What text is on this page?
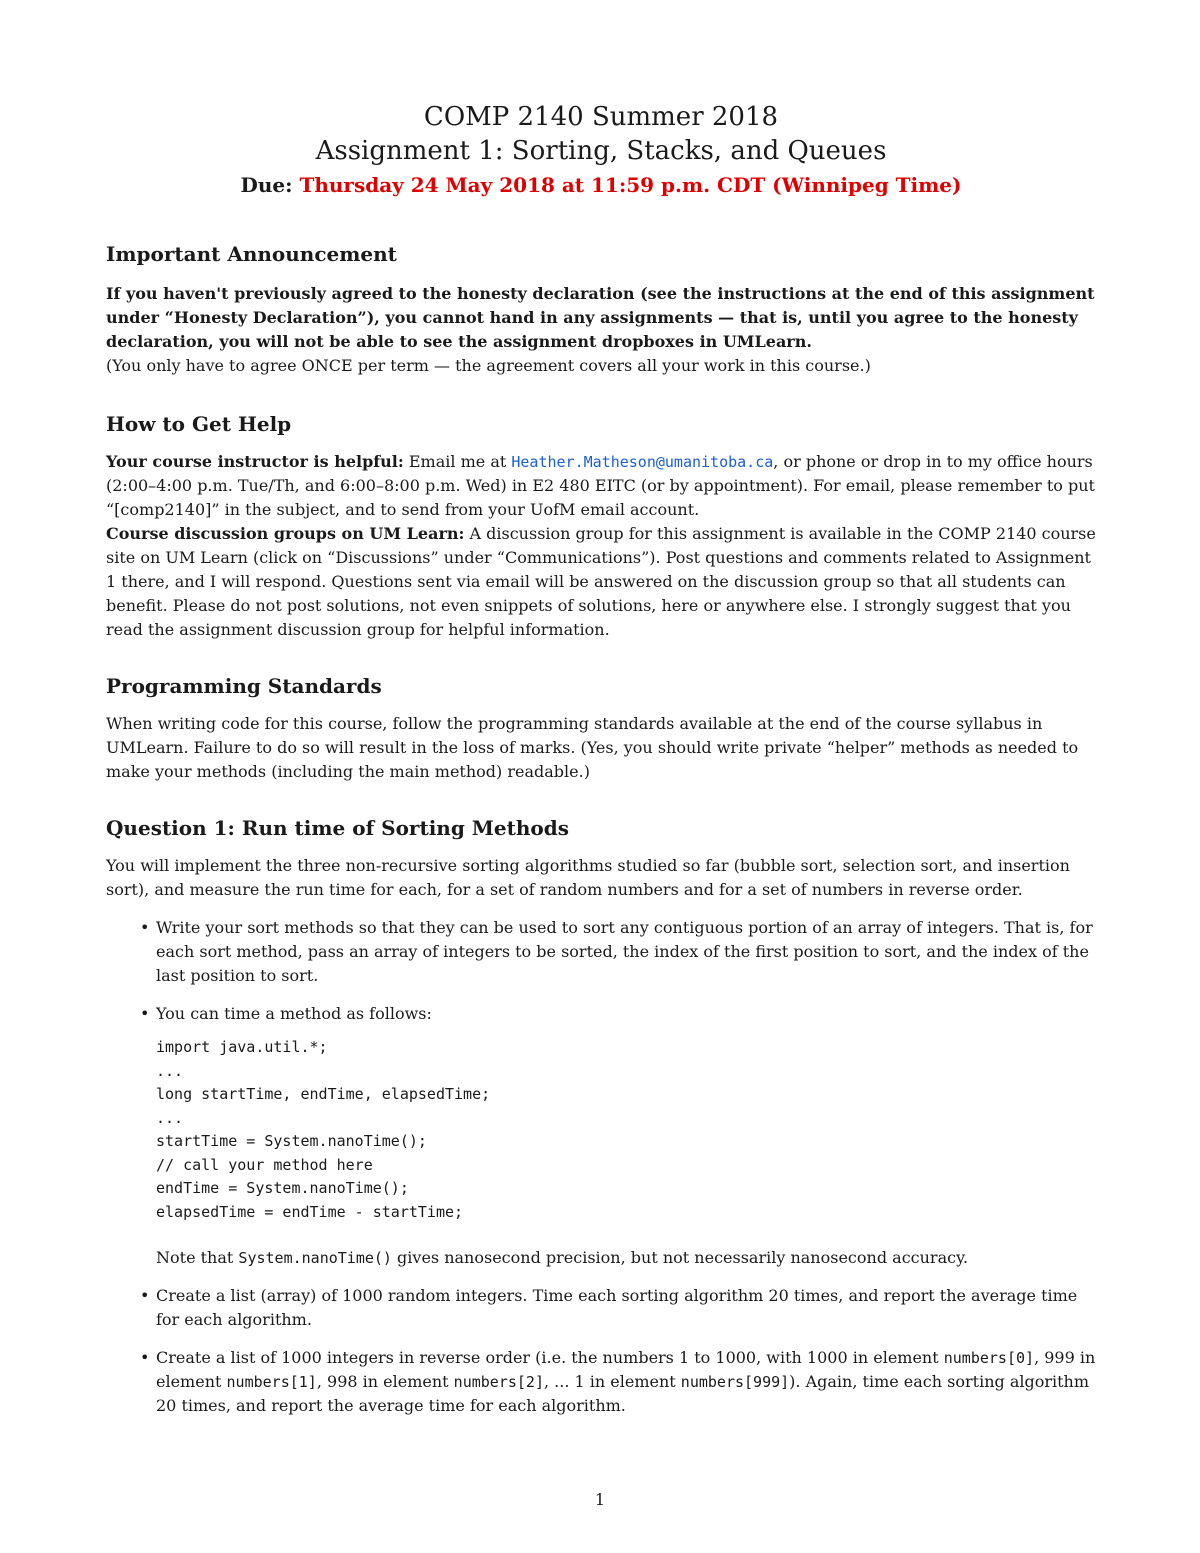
COMP 2140 Summer 2018

Assignment 1: Sorting, Stacks, and Queues

Due: Thursday 24 May 2018 at 11:59 p.m. CDT (Winnipeg Time)

Important Announcement

If you haven't previously agreed to the honesty declaration (see the instructions at the end of this assignment under “Honesty Declaration”), you cannot hand in any assignments — that is, until you agree to the honesty declaration, you will not be able to see the assignment dropboxes in UMLearn.

(You only have to agree ONCE per term — the agreement covers all your work in this course.)

How to Get Help

Your course instructor is helpful: Email me at Heather.Matheson@umanitoba.ca, or phone or drop in to my office hours (2:00–4:00 p.m. Tue/Th, and 6:00–8:00 p.m. Wed) in E2 480 EITC (or by appointment). For email, please remember to put “[comp2140]” in the subject, and to send from your UofM email account.

Course discussion groups on UM Learn: A discussion group for this assignment is available in the COMP 2140 course site on UM Learn (click on “Discussions” under “Communications”). Post questions and comments related to Assignment 1 there, and I will respond. Questions sent via email will be answered on the discussion group so that all students can benefit. Please do not post solutions, not even snippets of solutions, here or anywhere else. I strongly suggest that you read the assignment discussion group for helpful information.

Programming Standards

When writing code for this course, follow the programming standards available at the end of the course syllabus in UMLearn. Failure to do so will result in the loss of marks. (Yes, you should write private “helper” methods as needed to make your methods (including the main method) readable.)

Question 1: Run time of Sorting Methods

You will implement the three non-recursive sorting algorithms studied so far (bubble sort, selection sort, and insertion sort), and measure the run time for each, for a set of random numbers and for a set of numbers in reverse order.

• Write your sort methods so that they can be used to sort any contiguous portion of an array of integers. That is, for each sort method, pass an array of integers to be sorted, the index of the first position to sort, and the index of the last position to sort.

• You can time a method as follows:

import java.util.*;
...
long startTime, endTime, elapsedTime;
...
startTime = System.nanoTime();
// call your method here
endTime = System.nanoTime();
elapsedTime = endTime - startTime;

Note that System.nanoTime() gives nanosecond precision, but not necessarily nanosecond accuracy.

• Create a list (array) of 1000 random integers. Time each sorting algorithm 20 times, and report the average time for each algorithm.

• Create a list of 1000 integers in reverse order (i.e. the numbers 1 to 1000, with 1000 in element numbers[0], 999 in element numbers[1], 998 in element numbers[2], ... 1 in element numbers[999]). Again, time each sorting algorithm 20 times, and report the average time for each algorithm.

1
